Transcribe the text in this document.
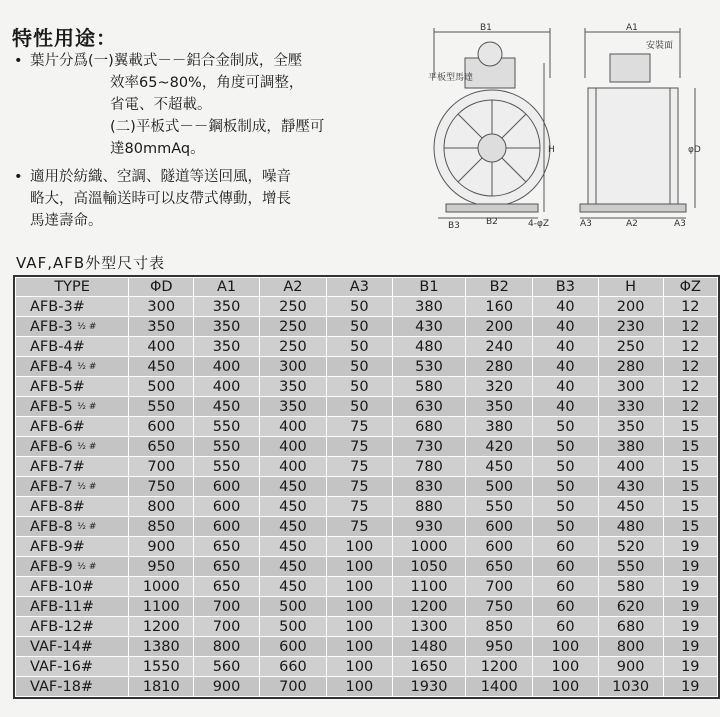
特性用途：
• 葉片分爲(一)翼載式－－鋁合金制成，全壓
效率65~80%，角度可調整，
省電、不超載。
(二)平板式－－鋼板制成，靜壓可
達80mmAq。
• 適用於紡織、空調、隧道等送回風，噪音
略大，高溫輸送時可以皮帶式傳動，增長
馬達壽命。
B1
平板型馬達
H
B2
B3	4-φZ
A1
安裝面
φD
A2
A3	A3
VAF,AFB外型尺寸表
TYPE	ΦD	A1	A2	A3	B1	B2	B3	H	ΦZ
AFB-3#	300	350	250	50	380	160	40	200	12
AFB-3 ½ #	350	350	250	50	430	200	40	230	12
AFB-4#	400	350	250	50	480	240	40	250	12
AFB-4 ½ #	450	400	300	50	530	280	40	280	12
AFB-5#	500	400	350	50	580	320	40	300	12
AFB-5 ½ #	550	450	350	50	630	350	40	330	12
AFB-6#	600	550	400	75	680	380	50	350	15
AFB-6 ½ #	650	550	400	75	730	420	50	380	15
AFB-7#	700	550	400	75	780	450	50	400	15
AFB-7 ½ #	750	600	450	75	830	500	50	430	15
AFB-8#	800	600	450	75	880	550	50	450	15
AFB-8 ½ #	850	600	450	75	930	600	50	480	15
AFB-9#	900	650	450	100	1000	600	60	520	19
AFB-9 ½ #	950	650	450	100	1050	650	60	550	19
AFB-10#	1000	650	450	100	1100	700	60	580	19
AFB-11#	1100	700	500	100	1200	750	60	620	19
AFB-12#	1200	700	500	100	1300	850	60	680	19
VAF-14#	1380	800	600	100	1480	950	100	800	19
VAF-16#	1550	560	660	100	1650	1200	100	900	19
VAF-18#	1810	900	700	100	1930	1400	100	1030	19
